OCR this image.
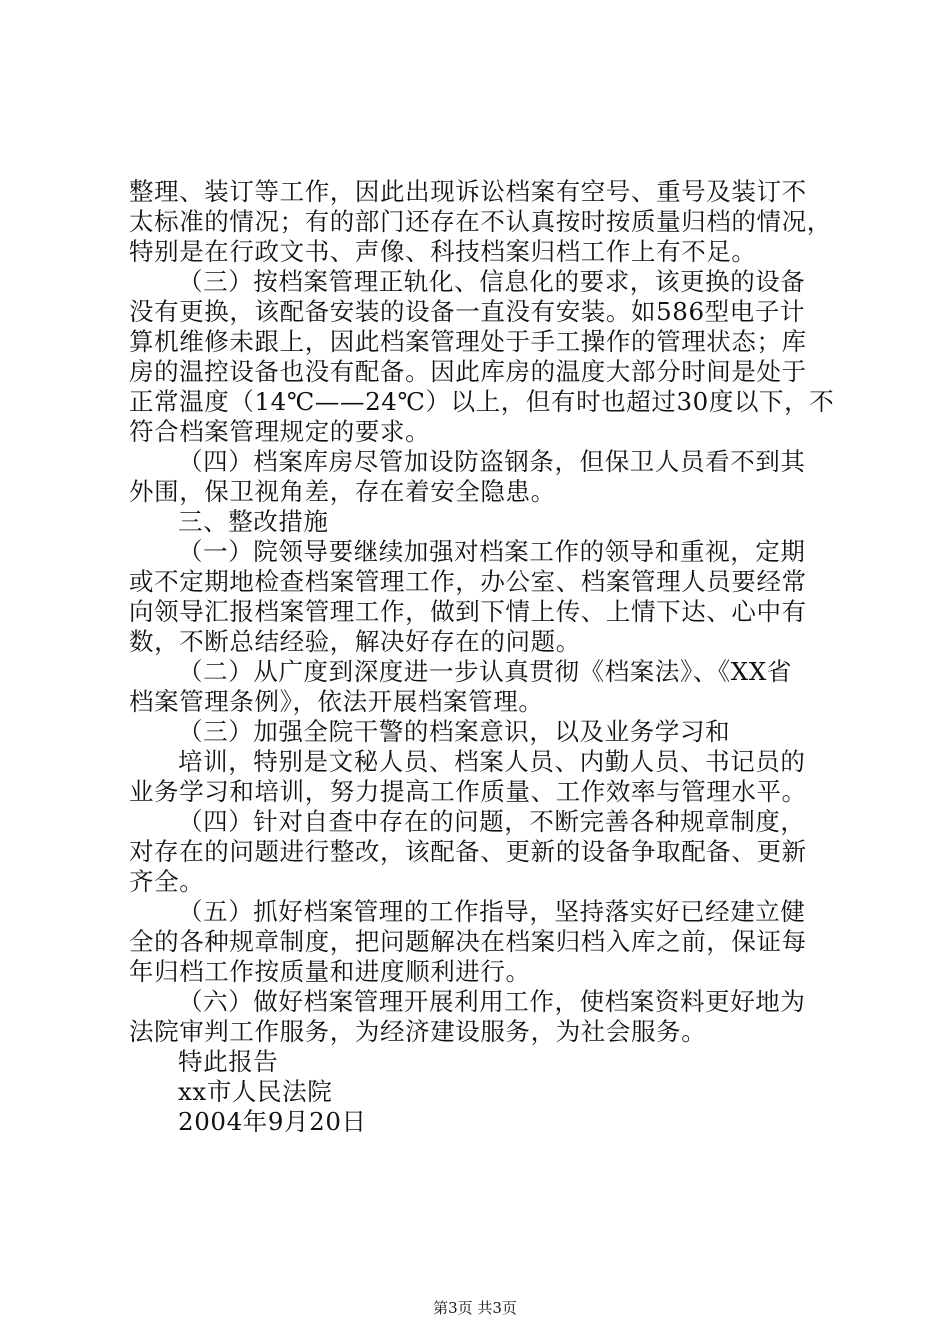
整理、装订等工作，因此出现诉讼档案有空号、重号及装订不
太标准的情况；有的部门还存在不认真按时按质量归档的情况，
特别是在行政文书、声像、科技档案归档工作上有不足。
（三）按档案管理正轨化、信息化的要求，该更换的设备
没有更换，该配备安装的设备一直没有安装。如586型电子计
算机维修未跟上，因此档案管理处于手工操作的管理状态；库
房的温控设备也没有配备。因此库房的温度大部分时间是处于
正常温度（14℃——24℃）以上，但有时也超过30度以下，不
符合档案管理规定的要求。
（四）档案库房尽管加设防盗钢条，但保卫人员看不到其
外围，保卫视角差，存在着安全隐患。
三、整改措施
（一）院领导要继续加强对档案工作的领导和重视，定期
或不定期地检查档案管理工作，办公室、档案管理人员要经常
向领导汇报档案管理工作，做到下情上传、上情下达、心中有
数，不断总结经验，解决好存在的问题。
（二）从广度到深度进一步认真贯彻《档案法》、《XX省
档案管理条例》，依法开展档案管理。
（三）加强全院干警的档案意识，以及业务学习和
培训，特别是文秘人员、档案人员、内勤人员、书记员的
业务学习和培训，努力提高工作质量、工作效率与管理水平。
（四）针对自查中存在的问题，不断完善各种规章制度，
对存在的问题进行整改，该配备、更新的设备争取配备、更新
齐全。
（五）抓好档案管理的工作指导，坚持落实好已经建立健
全的各种规章制度，把问题解决在档案归档入库之前，保证每
年归档工作按质量和进度顺利进行。
（六）做好档案管理开展利用工作，使档案资料更好地为
法院审判工作服务，为经济建设服务，为社会服务。
特此报告
xx市人民法院
2004年9月20日
第3页 共3页
